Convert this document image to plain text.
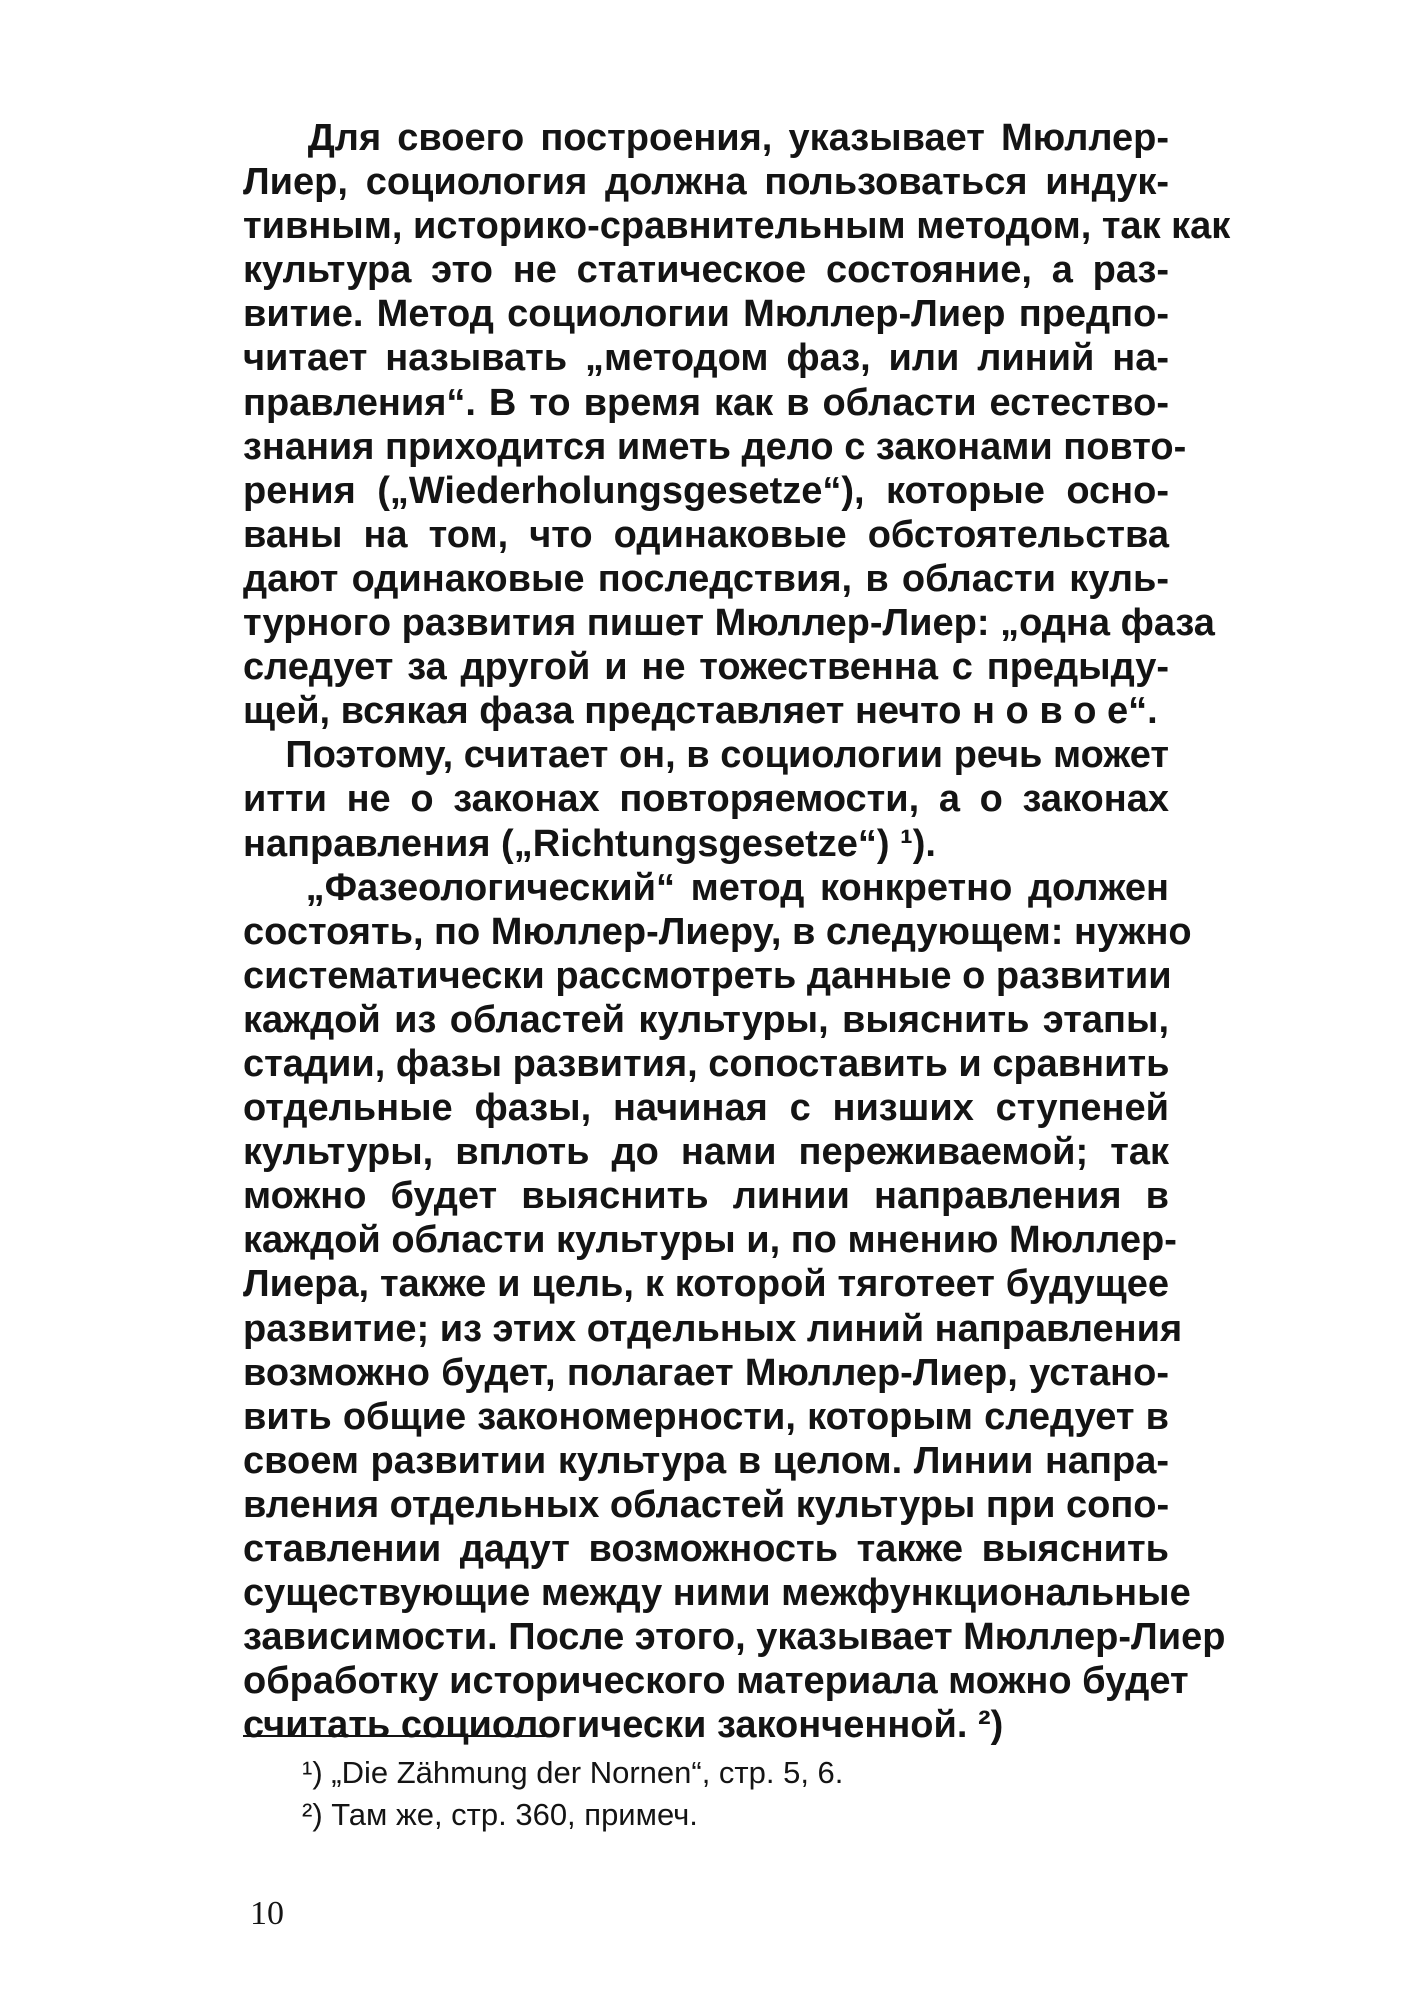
Для своего построения, указывает Мюллер-
Лиер, социология должна пользоваться индук-
тивным, историко-сравнительным методом, так как
культура это не статическое состояние, а раз-
витие. Метод социологии Мюллер-Лиер предпо-
читает называть „методом фаз, или линий на-
правления“. В то время как в области естество-
знания приходится иметь дело с законами повто-
рения („Wiederholungsgesetze“), которые осно-
ваны на том, что одинаковые обстоятельства
дают одинаковые последствия, в области куль-
турного развития пишет Мюллер-Лиер: „одна фаза
следует за другой и не тожественна с предыду-
щей, всякая фаза представляет нечто н о в о е“.
Поэтому, считает он, в социологии речь может
итти не о законах повторяемости, а о законах
направления („Richtungsgesetze“) ¹).
„Фазеологический“ метод конкретно должен
состоять, по Мюллер-Лиеру, в следующем: нужно
систематически рассмотреть данные о развитии
каждой из областей культуры, выяснить этапы,
стадии, фазы развития, сопоставить и сравнить
отдельные фазы, начиная с низших ступеней
культуры, вплоть до нами переживаемой; так
можно будет выяснить линии направления в
каждой области культуры и, по мнению Мюллер-
Лиера, также и цель, к которой тяготеет будущее
развитие; из этих отдельных линий направления
возможно будет, полагает Мюллер-Лиер, устано-
вить общие закономерности, которым следует в
своем развитии культура в целом. Линии напра-
вления отдельных областей культуры при сопо-
ставлении дадут возможность также выяснить
существующие между ними межфункциональные
зависимости. После этого, указывает Мюллер-Лиер
обработку исторического материала можно будет
считать социологически законченной. ²)
¹) „Die Zähmung der Nornen“, стр. 5, 6.
²) Там же, стр. 360, примеч.
10
